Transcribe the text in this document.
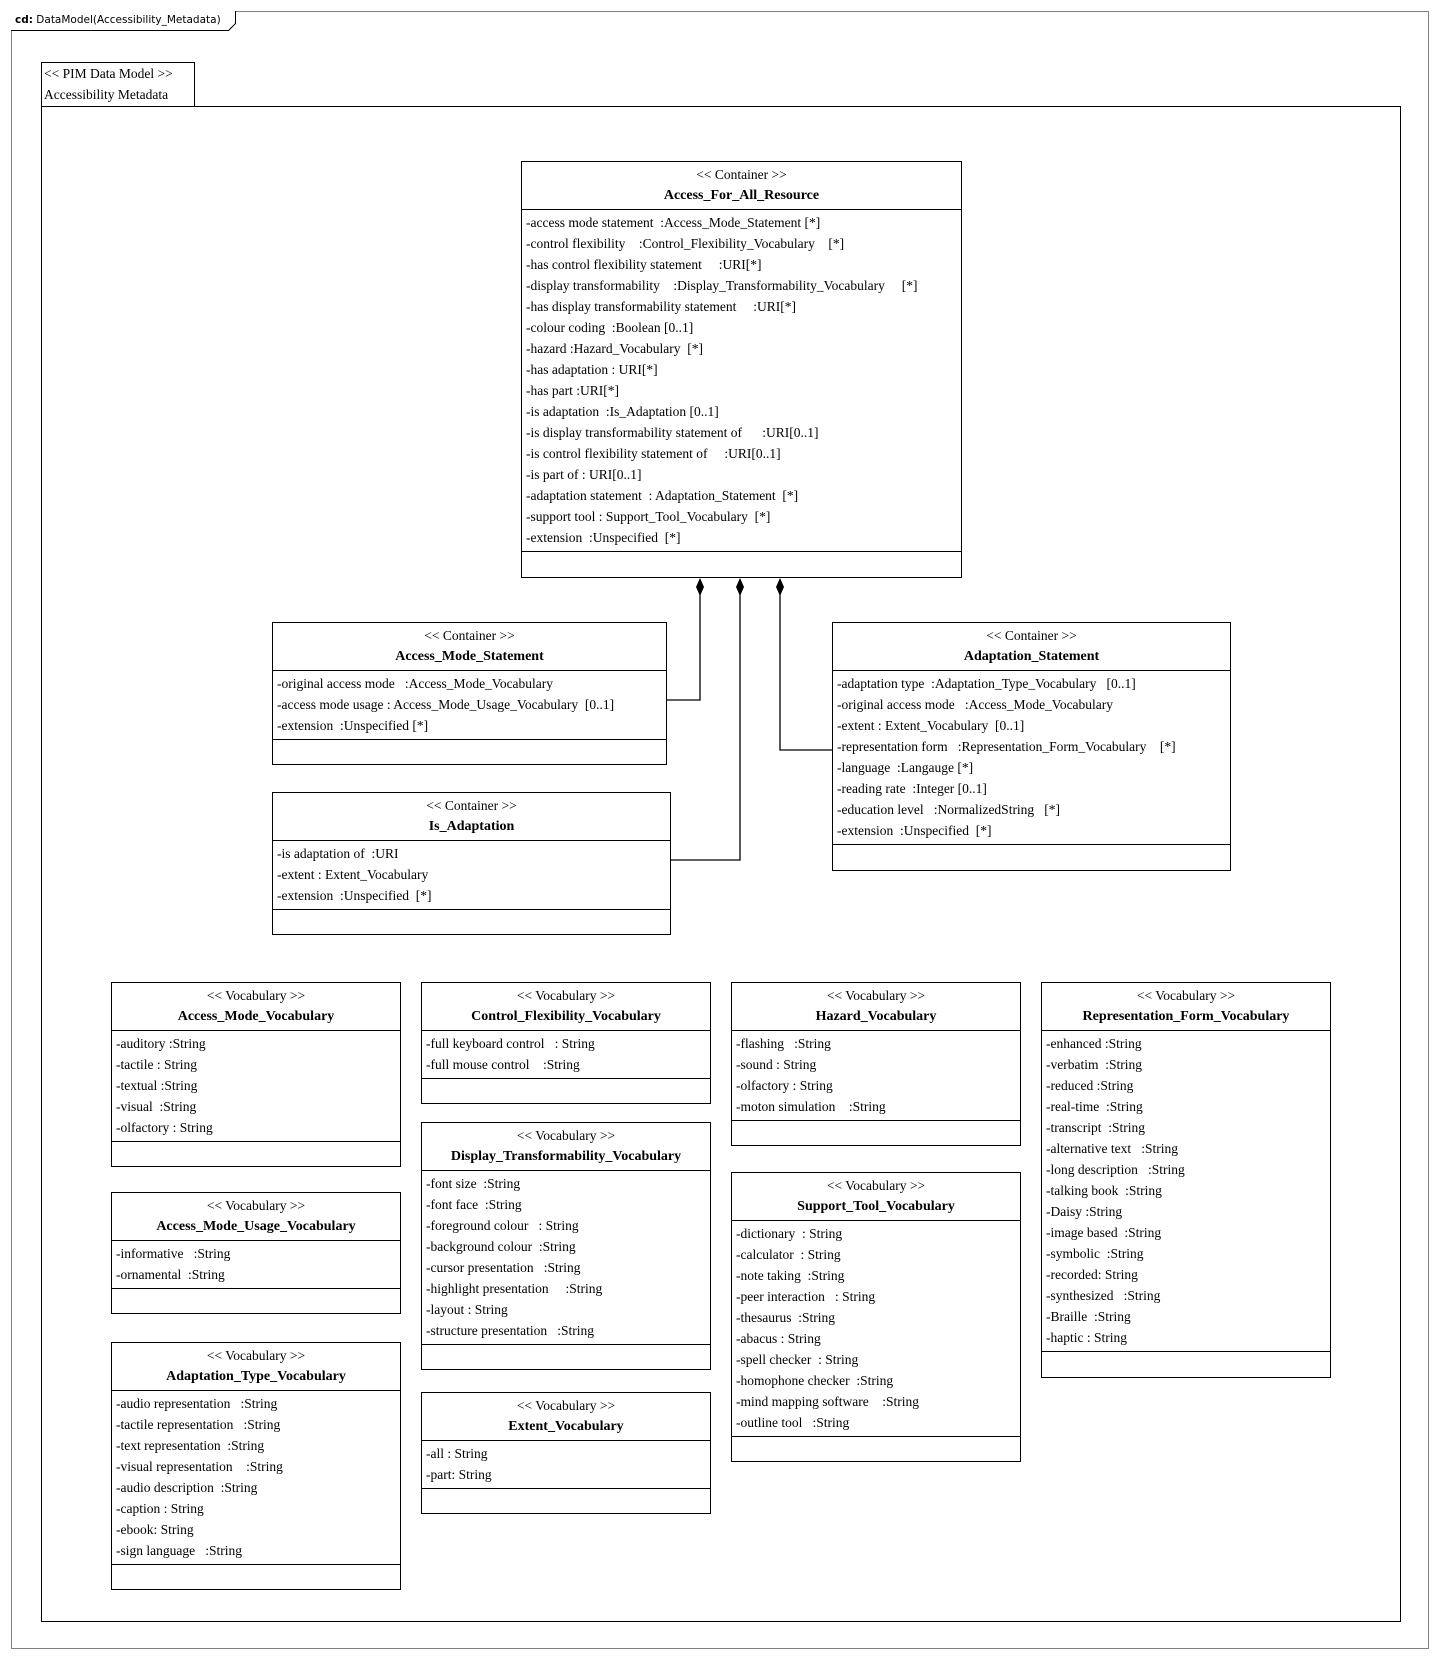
cd: DataModel(Accessibility_Metadata)
<< PIM Data Model >>
Accessibility Metadata
<< Container >>
Access_For_All_Resource
-access mode statement  :Access_Mode_Statement [*]
-control flexibility    :Control_Flexibility_Vocabulary    [*]
-has control flexibility statement     :URI[*]
-display transformability    :Display_Transformability_Vocabulary     [*]
-has display transformability statement     :URI[*]
-colour coding  :Boolean [0..1]
-hazard :Hazard_Vocabulary  [*]
-has adaptation : URI[*]
-has part :URI[*]
-is adaptation  :Is_Adaptation [0..1]
-is display transformability statement of      :URI[0..1]
-is control flexibility statement of     :URI[0..1]
-is part of : URI[0..1]
-adaptation statement  : Adaptation_Statement  [*]
-support tool : Support_Tool_Vocabulary  [*]
-extension  :Unspecified  [*]
<< Container >>
Access_Mode_Statement
-original access mode   :Access_Mode_Vocabulary
-access mode usage : Access_Mode_Usage_Vocabulary  [0..1]
-extension  :Unspecified [*]
<< Container >>
Is_Adaptation
-is adaptation of  :URI
-extent : Extent_Vocabulary
-extension  :Unspecified  [*]
<< Container >>
Adaptation_Statement
-adaptation type  :Adaptation_Type_Vocabulary   [0..1]
-original access mode   :Access_Mode_Vocabulary
-extent : Extent_Vocabulary  [0..1]
-representation form   :Representation_Form_Vocabulary    [*]
-language  :Langauge [*]
-reading rate  :Integer [0..1]
-education level   :NormalizedString   [*]
-extension  :Unspecified  [*]
<< Vocabulary >>
Access_Mode_Vocabulary
-auditory :String
-tactile : String
-textual :String
-visual  :String
-olfactory : String
<< Vocabulary >>
Access_Mode_Usage_Vocabulary
-informative   :String
-ornamental  :String
<< Vocabulary >>
Adaptation_Type_Vocabulary
-audio representation   :String
-tactile representation   :String
-text representation  :String
-visual representation    :String
-audio description  :String
-caption : String
-ebook: String
-sign language   :String
<< Vocabulary >>
Control_Flexibility_Vocabulary
-full keyboard control   : String
-full mouse control    :String
<< Vocabulary >>
Display_Transformability_Vocabulary
-font size  :String
-font face  :String
-foreground colour   : String
-background colour  :String
-cursor presentation   :String
-highlight presentation     :String
-layout : String
-structure presentation   :String
<< Vocabulary >>
Extent_Vocabulary
-all : String
-part: String
<< Vocabulary >>
Hazard_Vocabulary
-flashing   :String
-sound : String
-olfactory : String
-moton simulation    :String
<< Vocabulary >>
Support_Tool_Vocabulary
-dictionary  : String
-calculator  : String
-note taking  :String
-peer interaction   : String
-thesaurus  :String
-abacus : String
-spell checker  : String
-homophone checker  :String
-mind mapping software    :String
-outline tool   :String
<< Vocabulary >>
Representation_Form_Vocabulary
-enhanced :String
-verbatim  :String
-reduced :String
-real-time  :String
-transcript  :String
-alternative text   :String
-long description   :String
-talking book  :String
-Daisy :String
-image based  :String
-symbolic  :String
-recorded: String
-synthesized   :String
-Braille  :String
-haptic : String
